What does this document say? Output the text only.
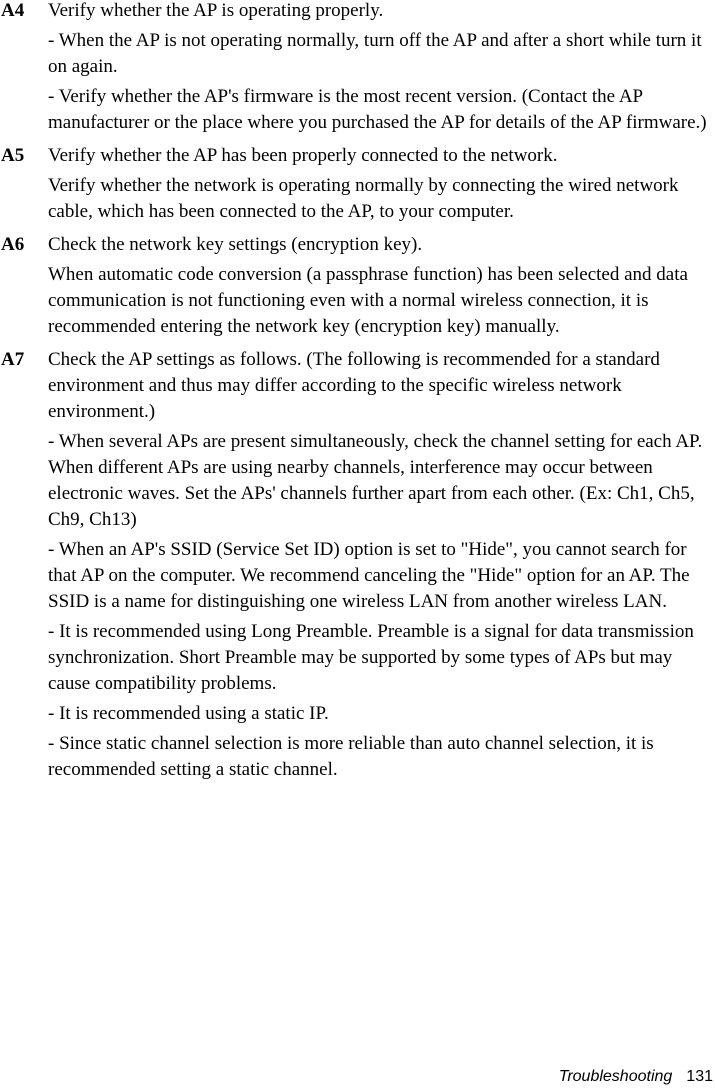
A4	Verify whether the AP is operating properly.

- When the AP is not operating normally, turn off the AP and after a short while turn it on again.

- Verify whether the AP's firmware is the most recent version. (Contact the AP manufacturer or the place where you purchased the AP for details of the AP firmware.)

A5	Verify whether the AP has been properly connected to the network.

Verify whether the network is operating normally by connecting the wired network cable, which has been connected to the AP, to your computer.

A6	Check the network key settings (encryption key).

When automatic code conversion (a passphrase function) has been selected and data communication is not functioning even with a normal wireless connection, it is recommended entering the network key (encryption key) manually.

A7	Check the AP settings as follows. (The following is recommended for a standard environment and thus may differ according to the specific wireless network environment.)

- When several APs are present simultaneously, check the channel setting for each AP. When different APs are using nearby channels, interference may occur between electronic waves. Set the APs' channels further apart from each other. (Ex: Ch1, Ch5, Ch9, Ch13)

- When an AP's SSID (Service Set ID) option is set to "Hide", you cannot search for that AP on the computer. We recommend canceling the "Hide" option for an AP. The SSID is a name for distinguishing one wireless LAN from another wireless LAN.

- It is recommended using Long Preamble. Preamble is a signal for data transmission synchronization. Short Preamble may be supported by some types of APs but may cause compatibility problems.

- It is recommended using a static IP.

- Since static channel selection is more reliable than auto channel selection, it is recommended setting a static channel.

Troubleshooting 131
